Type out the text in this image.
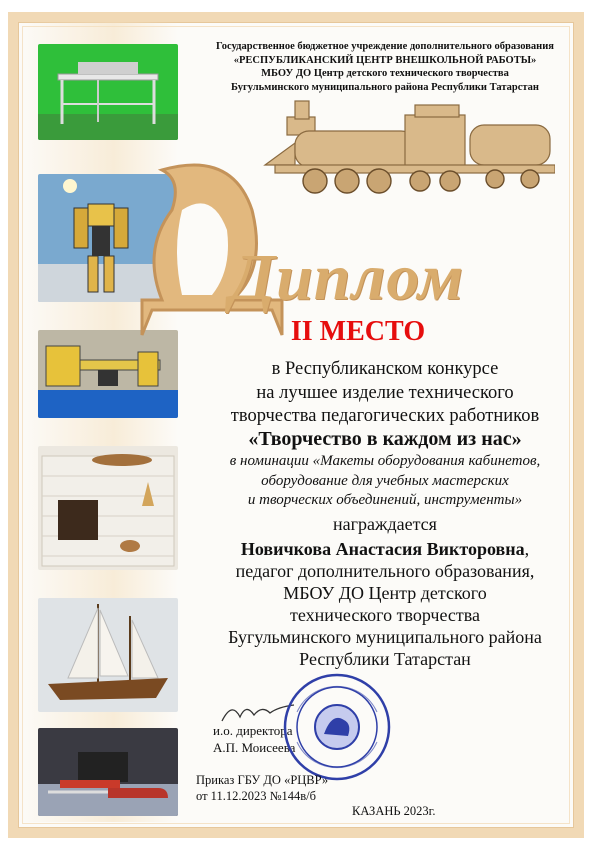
Государственное бюджетное учреждение дополнительного образования
«РЕСПУБЛИКАНСКИЙ ЦЕНТР ВНЕШКОЛЬНОЙ РАБОТЫ»
МБОУ ДО Центр детского технического творчества
Бугульминского муниципального района Республики Татарстан
Диплом
II МЕСТО
в Республиканском конкурсе
на лучшее изделие технического
творчества педагогических работников
«Творчество в каждом из нас»
в номинации «Макеты оборудования кабинетов,
оборудование для учебных мастерских
и творческих объединений, инструменты»
награждается
Новичкова Анастасия Викторовна,
педагог дополнительного образования,
МБОУ ДО Центр детского
технического творчества
Бугульминского муниципального района
Республики Татарстан
и.о. директора
А.П. Моисеева
Приказ ГБУ ДО «РЦВР»
от 11.12.2023 №144в/б
КАЗАНЬ 2023г.
